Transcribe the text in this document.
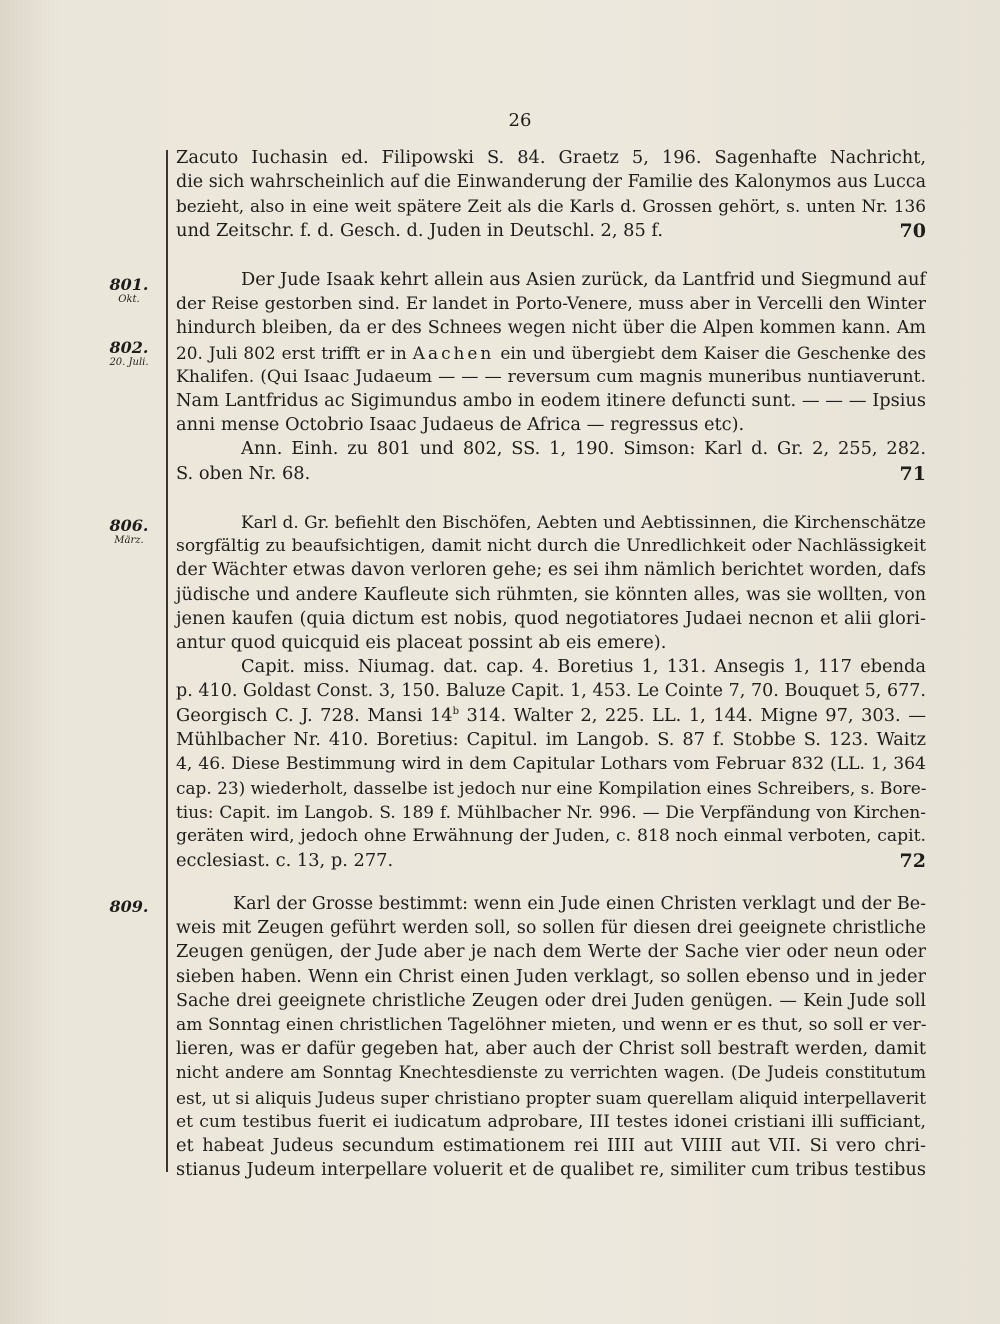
26
801.
Okt.
802.
20. Juli.
806.
März.
809.
Zacuto Iuchasin ed. Filipowski S. 84. Graetz 5, 196. Sagenhafte Nachricht,
die sich wahrscheinlich auf die Einwanderung der Familie des Kalonymos aus Lucca
bezieht, also in eine weit spätere Zeit als die Karls d. Grossen gehört, s. unten Nr. 136
und Zeitschr. f. d. Gesch. d. Juden in Deutschl. 2, 85 f.	70
Der Jude Isaak kehrt allein aus Asien zurück, da Lantfrid und Siegmund auf
der Reise gestorben sind. Er landet in Porto-Venere, muss aber in Vercelli den Winter
hindurch bleiben, da er des Schnees wegen nicht über die Alpen kommen kann. Am
20. Juli 802 erst trifft er in Aachen ein und übergiebt dem Kaiser die Geschenke des
Khalifen. (Qui Isaac Judaeum — — — reversum cum magnis muneribus nuntiaverunt.
Nam Lantfridus ac Sigimundus ambo in eodem itinere defuncti sunt. — — — Ipsius
anni mense Octobrio Isaac Judaeus de Africa — regressus etc).
Ann. Einh. zu 801 und 802, SS. 1, 190. Simson: Karl d. Gr. 2, 255, 282.
S. oben Nr. 68.	71
Karl d. Gr. befiehlt den Bischöfen, Aebten und Aebtissinnen, die Kirchenschätze
sorgfältig zu beaufsichtigen, damit nicht durch die Unredlichkeit oder Nachlässigkeit
der Wächter etwas davon verloren gehe; es sei ihm nämlich berichtet worden, dafs
jüdische und andere Kaufleute sich rühmten, sie könnten alles, was sie wollten, von
jenen kaufen (quia dictum est nobis, quod negotiatores Judaei necnon et alii glori-
antur quod quicquid eis placeat possint ab eis emere).
Capit. miss. Niumag. dat. cap. 4. Boretius 1, 131. Ansegis 1, 117 ebenda
p. 410. Goldast Const. 3, 150. Baluze Capit. 1, 453. Le Cointe 7, 70. Bouquet 5, 677.
Georgisch C. J. 728. Mansi 14$^b$ 314. Walter 2, 225. LL. 1, 144. Migne 97, 303. —
Mühlbacher Nr. 410. Boretius: Capitul. im Langob. S. 87 f. Stobbe S. 123. Waitz
4, 46. Diese Bestimmung wird in dem Capitular Lothars vom Februar 832 (LL. 1, 364
cap. 23) wiederholt, dasselbe ist jedoch nur eine Kompilation eines Schreibers, s. Bore-
tius: Capit. im Langob. S. 189 f. Mühlbacher Nr. 996. — Die Verpfändung von Kirchen-
geräten wird, jedoch ohne Erwähnung der Juden, c. 818 noch einmal verboten, capit.
ecclesiast. c. 13, p. 277.	72
Karl der Grosse bestimmt: wenn ein Jude einen Christen verklagt und der Be-
weis mit Zeugen geführt werden soll, so sollen für diesen drei geeignete christliche
Zeugen genügen, der Jude aber je nach dem Werte der Sache vier oder neun oder
sieben haben. Wenn ein Christ einen Juden verklagt, so sollen ebenso und in jeder
Sache drei geeignete christliche Zeugen oder drei Juden genügen. — Kein Jude soll
am Sonntag einen christlichen Tagelöhner mieten, und wenn er es thut, so soll er ver-
lieren, was er dafür gegeben hat, aber auch der Christ soll bestraft werden, damit
nicht andere am Sonntag Knechtesdienste zu verrichten wagen. (De Judeis constitutum
est, ut si aliquis Judeus super christiano propter suam querellam aliquid interpellaverit
et cum testibus fuerit ei iudicatum adprobare, III testes idonei cristiani illi sufficiant,
et habeat Judeus secundum estimationem rei IIII aut VIIII aut VII. Si vero chri-
stianus Judeum interpellare voluerit et de qualibet re, similiter cum tribus testibus
